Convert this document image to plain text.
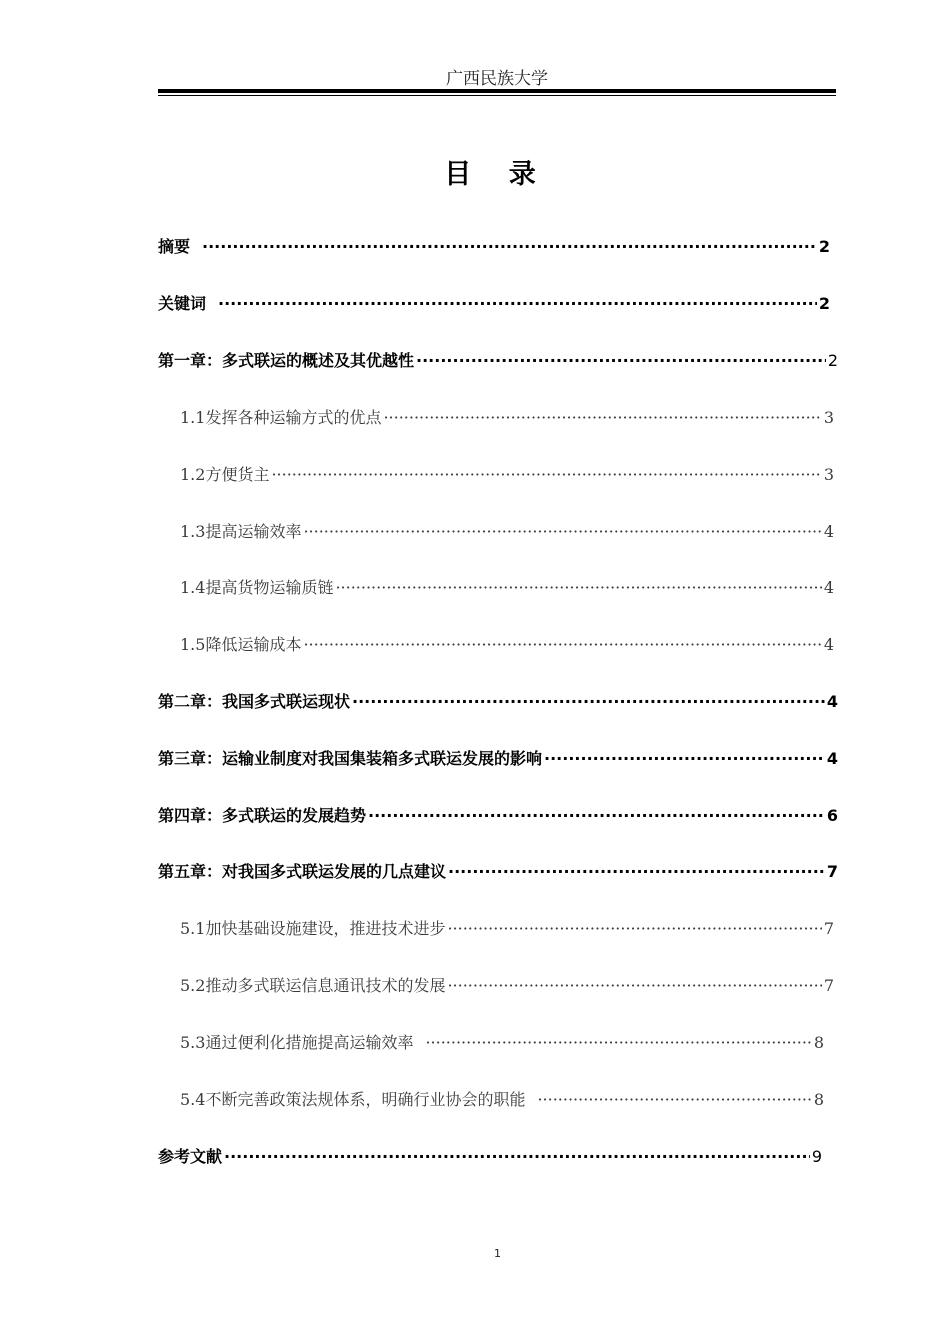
广西民族大学
目 录
摘要 ·····	2
关键词 ·····	2
第一章：多式联运的概述及其优越性 ·····	2
1.1发挥各种运输方式的优点 ·····	3
1.2方便货主 ·····	3
1.3提高运输效率 ·····	4
1.4提高货物运输质链 ·····	4
1.5降低运输成本 ·····	4
第二章：我国多式联运现状 ·····	4
第三章：运输业制度对我国集装箱多式联运发展的影响 ·····	4
第四章：多式联运的发展趋势 ·····	6
第五章：对我国多式联运发展的几点建议 ·····	7
5.1加快基础设施建设，推进技术进步 ·····	7
5.2推动多式联运信息通讯技术的发展 ·····	7
5.3通过便利化措施提高运输效率 ·····	8
5.4不断完善政策法规体系，明确行业协会的职能 ·····	8
参考文献 ·····	9
1
